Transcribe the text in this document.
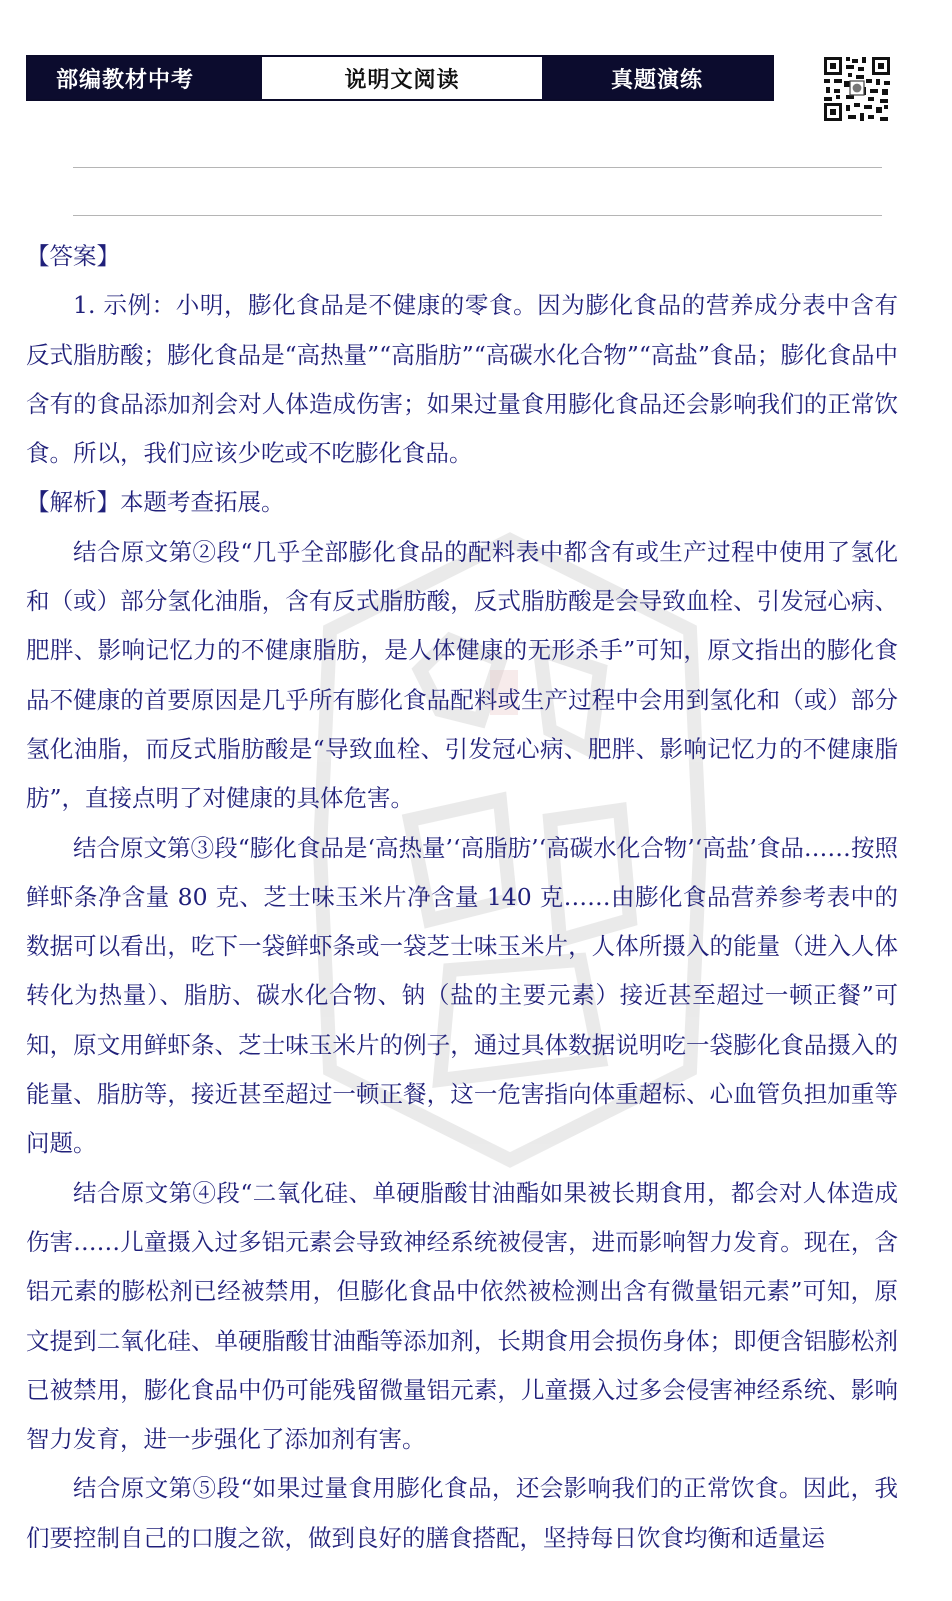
部编教材中考	说明文阅读	真题演练

【答案】

1. 示例：小明，膨化食品是不健康的零食。因为膨化食品的营养成分表中含有反式脂肪酸；膨化食品是“高热量”“高脂肪”“高碳水化合物”“高盐”食品；膨化食品中含有的食品添加剂会对人体造成伤害；如果过量食用膨化食品还会影响我们的正常饮食。所以，我们应该少吃或不吃膨化食品。

【解析】本题考查拓展。

结合原文第②段“几乎全部膨化食品的配料表中都含有或生产过程中使用了氢化和（或）部分氢化油脂，含有反式脂肪酸，反式脂肪酸是会导致血栓、引发冠心病、肥胖、影响记忆力的不健康脂肪，是人体健康的无形杀手”可知，原文指出的膨化食品不健康的首要原因是几乎所有膨化食品配料或生产过程中会用到氢化和（或）部分氢化油脂，而反式脂肪酸是“导致血栓、引发冠心病、肥胖、影响记忆力的不健康脂肪”，直接点明了对健康的具体危害。

结合原文第③段“膨化食品是‘高热量’‘高脂肪’‘高碳水化合物’‘高盐’食品……按照鲜虾条净含量 80 克、芝士味玉米片净含量 140 克……由膨化食品营养参考表中的数据可以看出，吃下一袋鲜虾条或一袋芝士味玉米片，人体所摄入的能量（进入人体转化为热量）、脂肪、碳水化合物、钠（盐的主要元素）接近甚至超过一顿正餐”可知，原文用鲜虾条、芝士味玉米片的例子，通过具体数据说明吃一袋膨化食品摄入的能量、脂肪等，接近甚至超过一顿正餐，这一危害指向体重超标、心血管负担加重等问题。

结合原文第④段“二氧化硅、单硬脂酸甘油酯如果被长期食用，都会对人体造成伤害……儿童摄入过多铝元素会导致神经系统被侵害，进而影响智力发育。现在，含铝元素的膨松剂已经被禁用，但膨化食品中依然被检测出含有微量铝元素”可知，原文提到二氧化硅、单硬脂酸甘油酯等添加剂，长期食用会损伤身体；即便含铝膨松剂已被禁用，膨化食品中仍可能残留微量铝元素，儿童摄入过多会侵害神经系统、影响智力发育，进一步强化了添加剂有害。

结合原文第⑤段“如果过量食用膨化食品，还会影响我们的正常饮食。因此，我们要控制自己的口腹之欲，做到良好的膳食搭配，坚持每日饮食均衡和适量运
